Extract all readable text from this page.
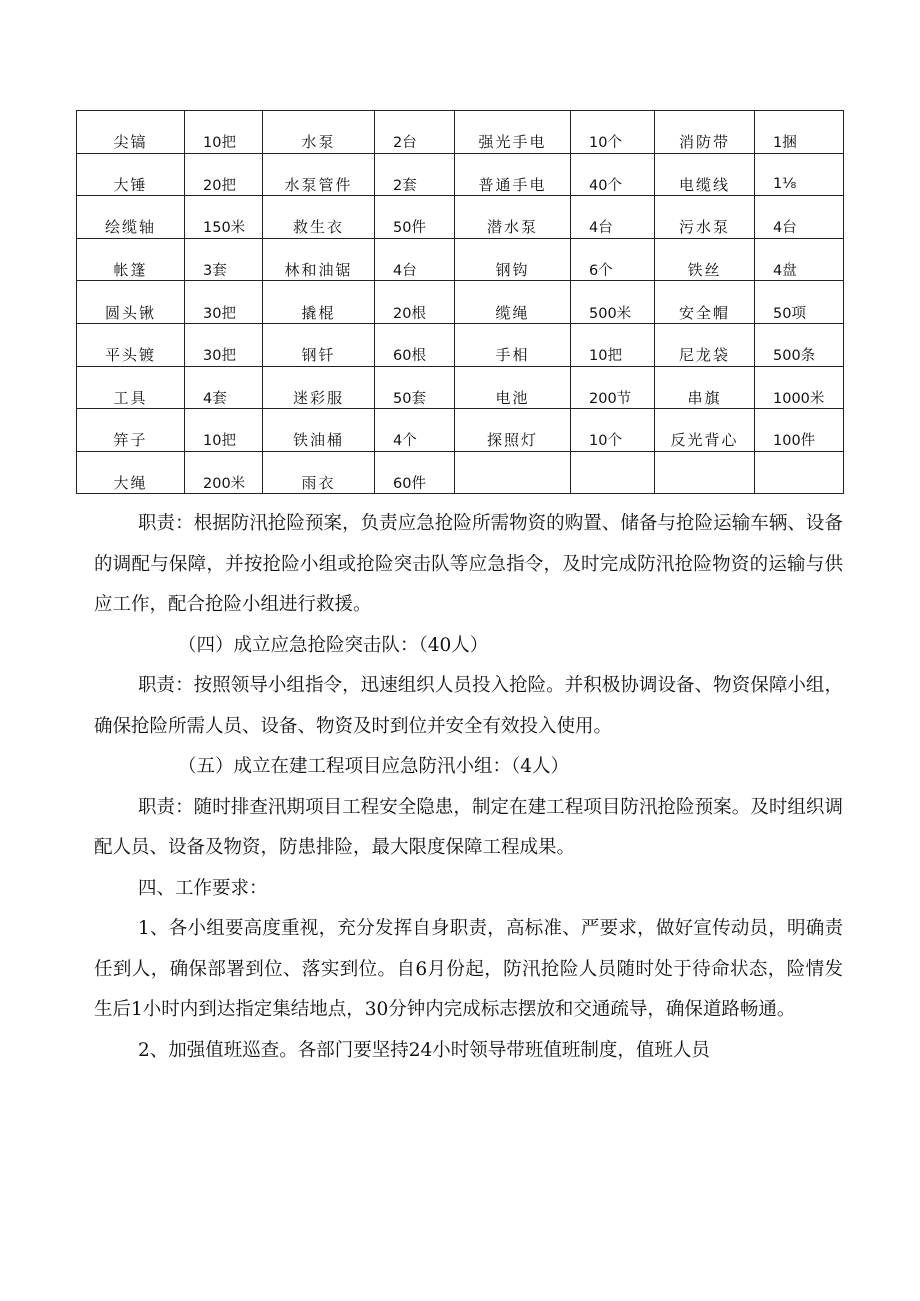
尖镐	10把	水泵	2台	强光手电	10个	消防带	1捆
大锤	20把	水泵管件	2套	普通手电	40个	电缆线	1⅛
绘缆轴	150米	救生衣	50件	潜水泵	4台	污水泵	4台
帐篷	3套	林和油锯	4台	钢钩	6个	铁丝	4盘
圆头锹	30把	撬棍	20根	缆绳	500米	安全帽	50项
平头镀	30把	钢钎	60根	手相	10把	尼龙袋	500条
工具	4套	迷彩服	50套	电池	200节	串旗	1000米
笄子	10把	铁油桶	4个	探照灯	10个	反光背心	100件
大绳	200米	雨衣	60件				

职责：根据防汛抢险预案，负责应急抢险所需物资的购置、储备与抢险运输车辆、设备的调配与保障，并按抢险小组或抢险突击队等应急指令，及时完成防汛抢险物资的运输与供应工作，配合抢险小组进行救援。

（四）成立应急抢险突击队：（40人）

职责：按照领导小组指令，迅速组织人员投入抢险。并积极协调设备、物资保障小组，确保抢险所需人员、设备、物资及时到位并安全有效投入使用。

（五）成立在建工程项目应急防汛小组：（4人）

职责：随时排查汛期项目工程安全隐患，制定在建工程项目防汛抢险预案。及时组织调配人员、设备及物资，防患排险，最大限度保障工程成果。

四、工作要求：

1、各小组要高度重视，充分发挥自身职责，高标准、严要求，做好宣传动员，明确责任到人，确保部署到位、落实到位。自6月份起，防汛抢险人员随时处于待命状态，险情发生后1小时内到达指定集结地点，30分钟内完成标志摆放和交通疏导，确保道路畅通。

2、加强值班巡查。各部门要坚持24小时领导带班值班制度，值班人员
